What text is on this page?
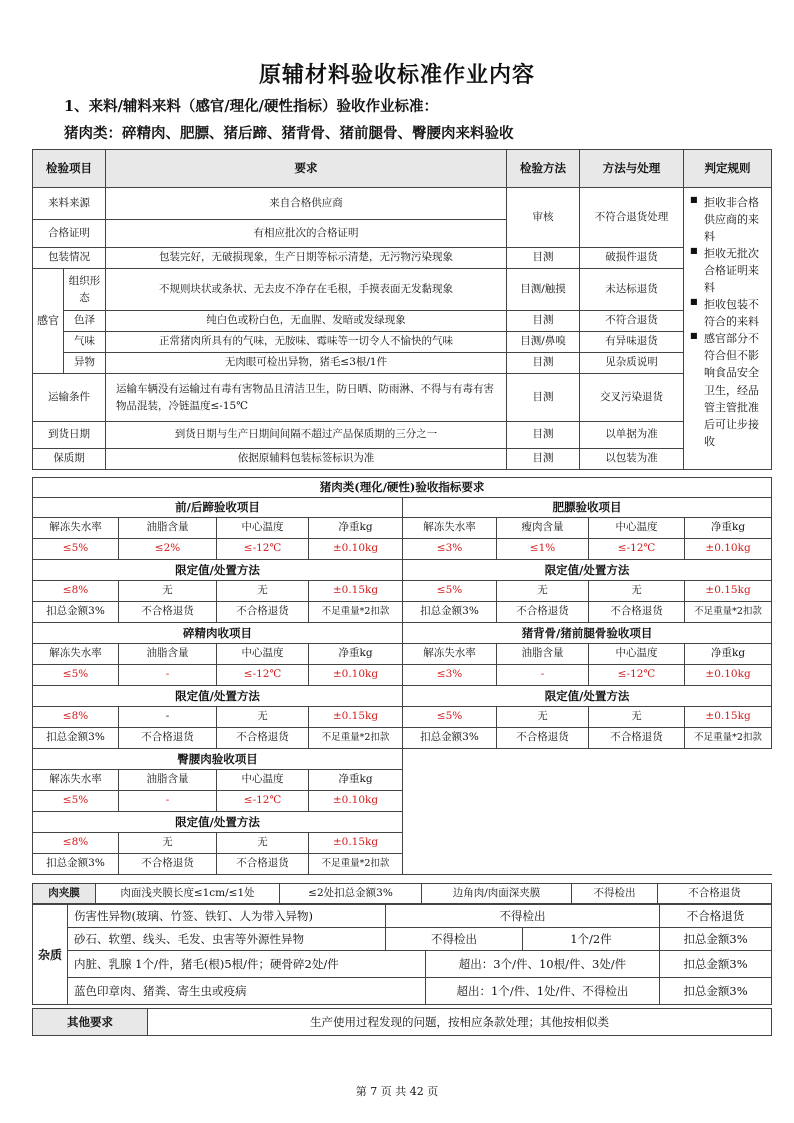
原辅材料验收标准作业内容
1、来料/辅料来料（感官/理化/硬性指标）验收作业标准：
猪肉类：碎精肉、肥膘、猪后蹄、猪背骨、猪前腿骨、臀腰肉来料验收
检验项目		要求	检验方法	方法与处理	判定规则
来料来源		来自合格供应商	审核	不符合退货处理	■ 拒收非合格供应商的来料
■ 拒收无批次合格证明来料
■ 拒收包装不符合的来料
■ 感官部分不符合但不影响食品安全卫生，经品管主管批准后可让步接收

合格证明		有相应批次的合格证明			
包装情况		包装完好，无破损现象，生产日期等标示清楚，无污物污染现象	目测	破损件退货	
感官	组织形态	不规则块状或条状、无去皮不净存在毛根，手摸表面无发黏现象	目测/触摸	未达标退货	
	色泽	纯白色或粉白色，无血腥、发暗或发绿现象	目测	不符合退货	
	气味	正常猪肉所具有的气味，无胺味、霉味等一切令人不愉快的气味	目测/鼻嗅	有异味退货	
	异物	无肉眼可检出异物，猪毛≤3根/1件	目测	见杂质说明	
运输条件		运输车辆没有运输过有毒有害物品且清洁卫生，防日晒、防雨淋、不得与有毒有害物品混装，冷链温度≤-15℃	目测	交叉污染退货	
到货日期		到货日期与生产日期间间隔不超过产品保质期的三分之一	目测	以单据为准	
保质期		依据原辅料包装标签标识为准	目测	以包装为准	
猪肉类(理化/硬性)验收指标要求							
前/后蹄验收项目				肥膘验收项目			
解冻失水率	油脂含量	中心温度	净重kg	解冻失水率	瘦肉含量	中心温度	净重kg
≤5%	≤2%	≤-12℃	±0.10kg	≤3%	≤1%	≤-12℃	±0.10kg
限定值/处置方法				限定值/处置方法			
≤8%	无	无	±0.15kg	≤5%	无	无	±0.15kg
扣总金额3%	不合格退货	不合格退货	不足重量*2扣款	扣总金额3%	不合格退货	不合格退货	不足重量*2扣款
碎精肉收项目				猪背骨/猪前腿骨验收项目			
解冻失水率	油脂含量	中心温度	净重kg	解冻失水率	油脂含量	中心温度	净重kg
≤5%	-	≤-12℃	±0.10kg	≤3%	-	≤-12℃	±0.10kg
限定值/处置方法				限定值/处置方法			
≤8%	-	无	±0.15kg	≤5%	无	无	±0.15kg
扣总金额3%	不合格退货	不合格退货	不足重量*2扣款	扣总金额3%	不合格退货	不合格退货	不足重量*2扣款
臀腰肉验收项目							
解冻失水率	油脂含量	中心温度	净重kg				
≤5%	-	≤-12℃	±0.10kg				
限定值/处置方法							
≤8%	无	无	±0.15kg				
扣总金额3%	不合格退货	不合格退货	不足重量*2扣款				
肉夹膜	肉面浅夹膜长度≤1cm/≤1处	≤2处扣总金额3%	边角肉/肉面深夹膜	不得检出	不合格退货
杂质	伤害性异物(玻璃、竹签、铁钉、人为带入异物)	不得检出			不合格退货
	砂石、软塑、线头、毛发、虫害等外源性异物	不得检出		1个/2件	扣总金额3%
	内脏、乳腺 1个/件，猪毛(根)5根/件；硬骨碎2处/件		超出：3个/件、10根/件、3处/件		扣总金额3%
	蓝色印章肉、猪粪、寄生虫或疫病		超出：1个/件、1处/件、不得检出		扣总金额3%
其他要求	生产使用过程发现的问题，按相应条款处理；其他按相似类
第 7 页 共 42 页
